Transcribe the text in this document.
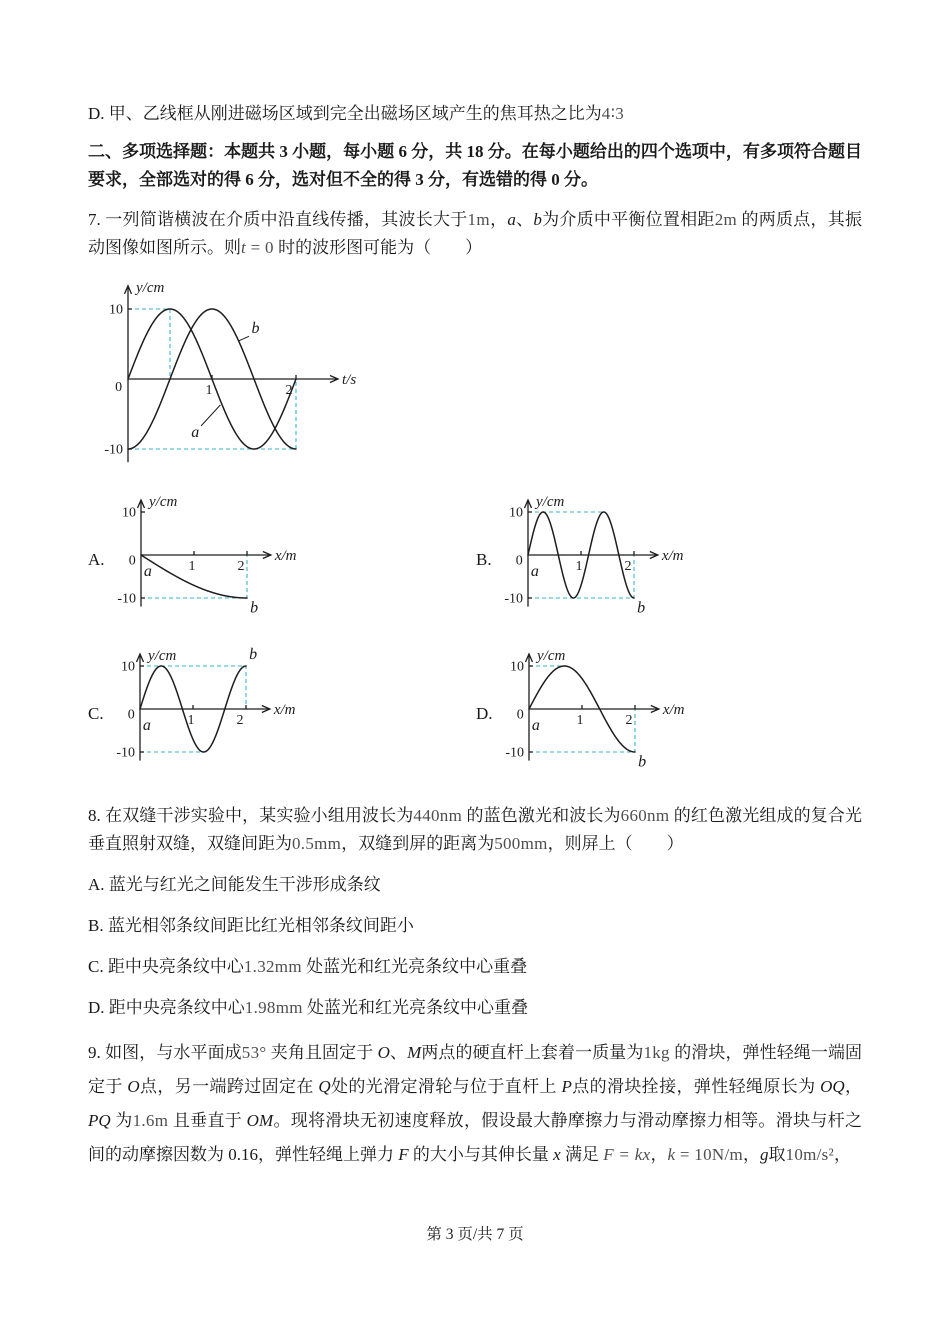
D. 甲、乙线框从刚进磁场区域到完全出磁场区域产生的焦耳热之比为4∶3

二、多项选择题：本题共 3 小题，每小题 6 分，共 18 分。在每小题给出的四个选项中，有多项符合题目要求，全部选对的得 6 分，选对但不全的得 3 分，有选错的得 0 分。

7. 一列简谐横波在介质中沿直线传播，其波长大于1m，a、b为介质中平衡位置相距2m 的两质点，其振动图像如图所示。则t = 0 时的波形图可能为（　　）

1	2
10
-10
0
b
a
y/cm
t/s
A.	1	2
10
-10
0
a
b
y/cm
x/m	B.	1	2
10
-10
0
a
b
y/cm
x/m
C.	1	2
10
-10
0
a
b
y/cm
x/m	D.	1	2
10
-10
0
a
b
y/cm
x/m

8. 在双缝干涉实验中，某实验小组用波长为440nm 的蓝色激光和波长为660nm 的红色激光组成的复合光垂直照射双缝，双缝间距为0.5mm，双缝到屏的距离为500mm，则屏上（　　）

A. 蓝光与红光之间能发生干涉形成条纹

B. 蓝光相邻条纹间距比红光相邻条纹间距小

C. 距中央亮条纹中心1.32mm 处蓝光和红光亮条纹中心重叠

D. 距中央亮条纹中心1.98mm 处蓝光和红光亮条纹中心重叠

9. 如图，与水平面成53° 夹角且固定于 O、M两点的硬直杆上套着一质量为1kg 的滑块，弹性轻绳一端固定于 O点，另一端跨过固定在 Q处的光滑定滑轮与位于直杆上 P点的滑块拴接，弹性轻绳原长为 OQ，PQ 为1.6m 且垂直于 OM。现将滑块无初速度释放，假设最大静摩擦力与滑动摩擦力相等。滑块与杆之间的动摩擦因数为 0.16，弹性轻绳上弹力 F 的大小与其伸长量 x 满足 F = kx，k = 10N/m，g取10m/s²，

第 3 页/共 7 页
